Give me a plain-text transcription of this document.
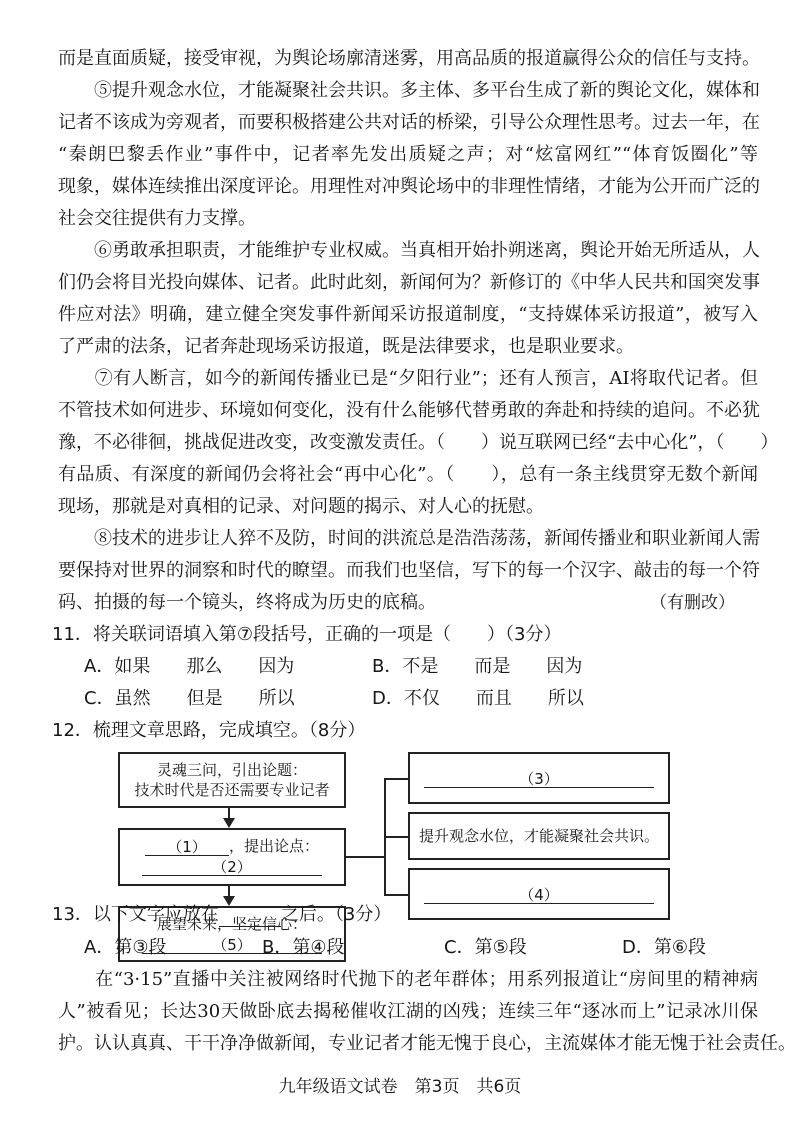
而是直面质疑，接受审视，为舆论场廓清迷雾，用高品质的报道赢得公众的信任与支持。
　　⑤提升观念水位，才能凝聚社会共识。多主体、多平台生成了新的舆论文化，媒体和
记者不该成为旁观者，而要积极搭建公共对话的桥梁，引导公众理性思考。过去一年，在
“秦朗巴黎丢作业”事件中，记者率先发出质疑之声；对“炫富网红”“体育饭圈化”等
现象，媒体连续推出深度评论。用理性对冲舆论场中的非理性情绪，才能为公开而广泛的
社会交往提供有力支撑。
　　⑥勇敢承担职责，才能维护专业权威。当真相开始扑朔迷离，舆论开始无所适从，人
们仍会将目光投向媒体、记者。此时此刻，新闻何为？新修订的《中华人民共和国突发事
件应对法》明确，建立健全突发事件新闻采访报道制度，“支持媒体采访报道”，被写入
了严肃的法条，记者奔赴现场采访报道，既是法律要求，也是职业要求。
　　⑦有人断言，如今的新闻传播业已是“夕阳行业”；还有人预言，AI将取代记者。但
不管技术如何进步、环境如何变化，没有什么能够代替勇敢的奔赴和持续的追问。不必犹
豫，不必徘徊，挑战促进改变，改变激发责任。（　　）说互联网已经“去中心化”，（　　）
有品质、有深度的新闻仍会将社会“再中心化”。（　　），总有一条主线贯穿无数个新闻
现场，那就是对真相的记录、对问题的揭示、对人心的抚慰。
　　⑧技术的进步让人猝不及防，时间的洪流总是浩浩荡荡，新闻传播业和职业新闻人需
要保持对世界的洞察和时代的瞭望。而我们也坚信，写下的每一个汉字、敲击的每一个符
码、拍摄的每一个镜头，终将成为历史的底稿。	（有删改）
11．将关联词语填入第⑦段括号，正确的一项是（　　）（3分）
A．如果　　那么　　因为	B．不是　　而是　　因为
C．虽然　　但是　　所以	D．不仅　　而且　　所以
12．梳理文章思路，完成填空。（8分）
灵魂三问，引出论题：
技术时代是否还需要专业记者
（1） ，提出论点：
（2）
展望未来，坚定信心：
（5）
（3）
提升观念水位，才能凝聚社会共识。
（4）
13．以下文字应放在	之后。（3分）
A．第③段	B．第④段	C．第⑤段	D．第⑥段
　　在“3·15”直播中关注被网络时代抛下的老年群体；用系列报道让“房间里的精神病
人”被看见；长达30天做卧底去揭秘催收江湖的凶残；连续三年“逐冰而上”记录冰川保
护。认认真真、干干净净做新闻，专业记者才能无愧于良心，主流媒体才能无愧于社会责任。
九年级语文试卷　第3页　共6页
